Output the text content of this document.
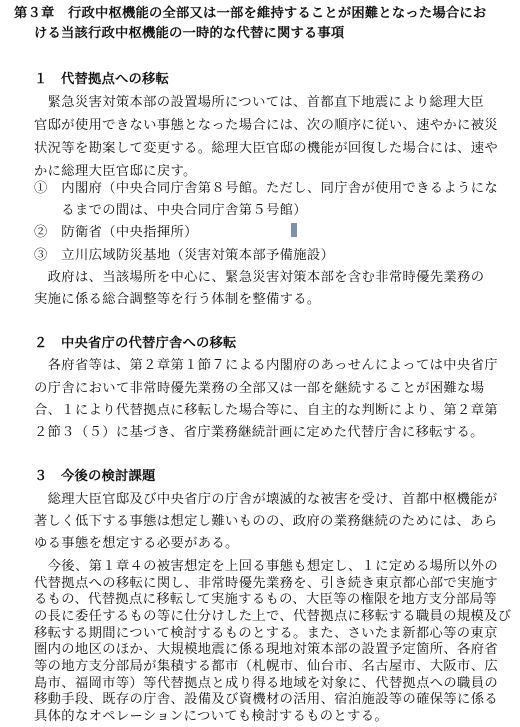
第３章　行政中枢機能の全部又は一部を維持することが困難となった場合にお
ける当該行政中枢機能の一時的な代替に関する事項
１　代替拠点への移転
　緊急災害対策本部の設置場所については、首都直下地震により総理大臣
官邸が使用できない事態となった場合には、次の順序に従い、速やかに被災
状況等を勘案して変更する。総理大臣官邸の機能が回復した場合には、速や
かに総理大臣官邸に戻す。
①　内閣府（中央合同庁舎第８号館。ただし、同庁舎が使用できるようにな
　　るまでの間は、中央合同庁舎第５号館）
②　防衛省（中央指揮所）
③　立川広域防災基地（災害対策本部予備施設）
　政府は、当該場所を中心に、緊急災害対策本部を含む非常時優先業務の
実施に係る総合調整等を行う体制を整備する。
２　中央省庁の代替庁舎への移転
　各府省等は、第２章第１節７による内閣府のあっせんによっては中央省庁
の庁舎において非常時優先業務の全部又は一部を継続することが困難な場
合、１により代替拠点に移転した場合等に、自主的な判断により、第２章第
２節３（５）に基づき、省庁業務継続計画に定めた代替庁舎に移転する。
３　今後の検討課題
　総理大臣官邸及び中央省庁の庁舎が壊滅的な被害を受け、首都中枢機能が
著しく低下する事態は想定し難いものの、政府の業務継続のためには、あら
ゆる事態を想定する必要がある。
　今後、第１章４の被害想定を上回る事態も想定し、１に定める場所以外の
代替拠点への移転に関し、非常時優先業務を、引き続き東京都心部で実施す
るもの、代替拠点に移転して実施するもの、大臣等の権限を地方支分部局等
の長に委任するもの等に仕分けした上で、代替拠点に移転する職員の規模及び
移転する期間について検討するものとする。また、さいたま新都心等の東京
圏内の地区のほか、大規模地震に係る現地対策本部の設置予定箇所、各府省
等の地方支分部局が集積する都市（札幌市、仙台市、名古屋市、大阪市、広
島市、福岡市等）等代替拠点と成り得る地域を対象に、代替拠点への職員の
移動手段、既存の庁舎、設備及び資機材の活用、宿泊施設等の確保等に係る
具体的なオペレーションについても検討するものとする。
